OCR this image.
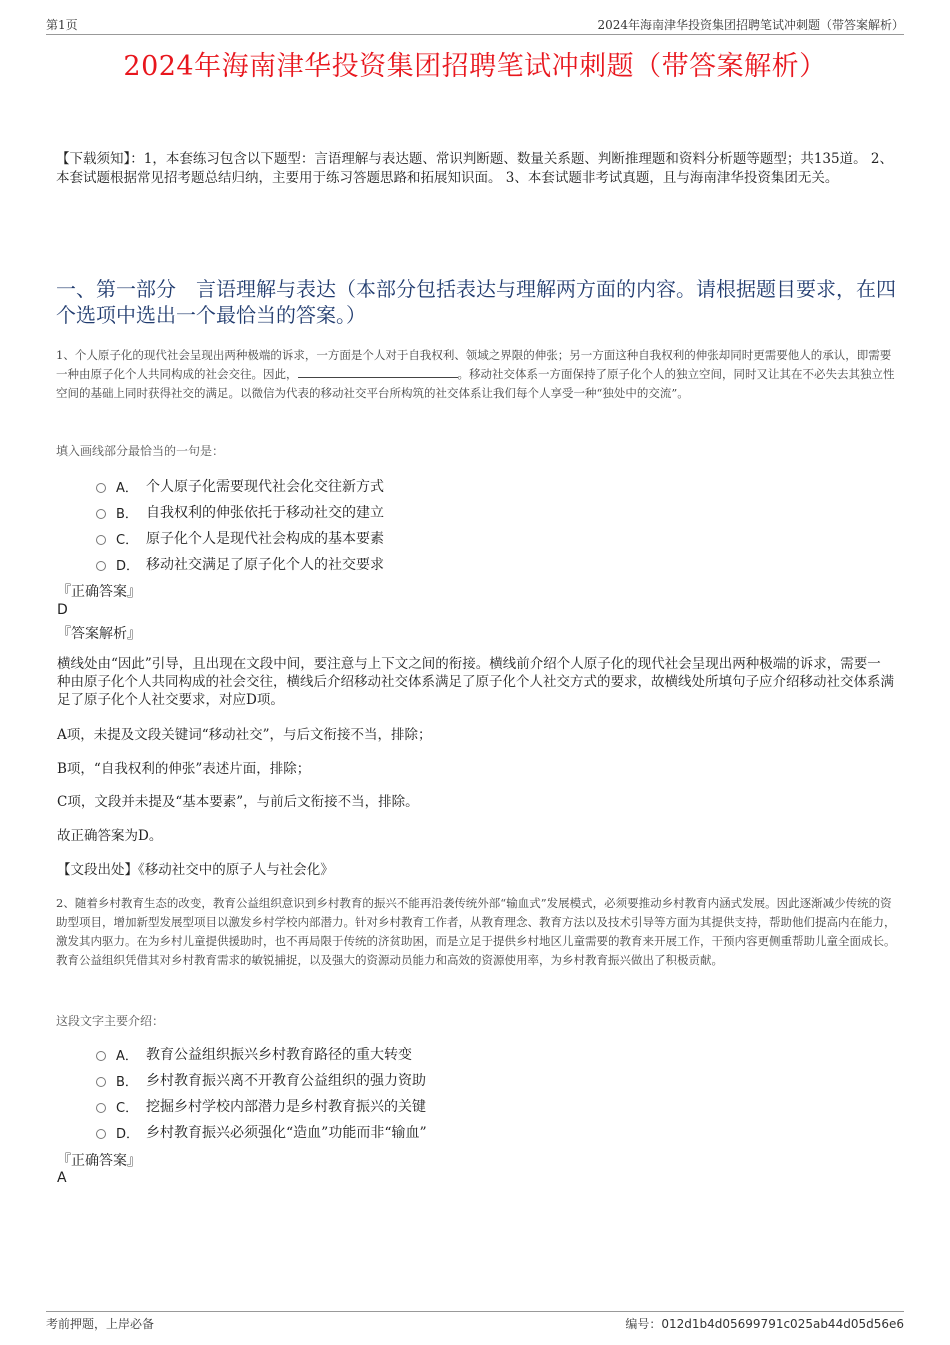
第1页	2024年海南津华投资集团招聘笔试冲刺题（带答案解析）
2024年海南津华投资集团招聘笔试冲刺题（带答案解析）
【下载须知】：1，本套练习包含以下题型：言语理解与表达题、常识判断题、数量关系题、判断推理题和资料分析题等题型；共135道。 2、本套试题根据常见招考题总结归纳，主要用于练习答题思路和拓展知识面。 3、本套试题非考试真题，且与海南津华投资集团无关。
一、第一部分　言语理解与表达（本部分包括表达与理解两方面的内容。请根据题目要求，在四个选项中选出一个最恰当的答案。）
1、个人原子化的现代社会呈现出两种极端的诉求，一方面是个人对于自我权利、领域之界限的伸张；另一方面这种自我权利的伸张却同时更需要他人的承认，即需要一种由原子化个人共同构成的社会交往。因此，	。移动社交体系一方面保持了原子化个人的独立空间，同时又让其在不必失去其独立性空间的基础上同时获得社交的满足。以微信为代表的移动社交平台所构筑的社交体系让我们每个人享受一种“独处中的交流”。
填入画线部分最恰当的一句是：
A． 个人原子化需要现代社会化交往新方式
B． 自我权利的伸张依托于移动社交的建立
C． 原子化个人是现代社会构成的基本要素
D． 移动社交满足了原子化个人的社交要求
『正确答案』
D
『答案解析』
横线处由“因此”引导，且出现在文段中间，要注意与上下文之间的衔接。横线前介绍个人原子化的现代社会呈现出两种极端的诉求，需要一种由原子化个人共同构成的社会交往，横线后介绍移动社交体系满足了原子化个人社交方式的要求，故横线处所填句子应介绍移动社交体系满足了原子化个人社交要求，对应D项。
A项，未提及文段关键词“移动社交”，与后文衔接不当，排除；
B项，“自我权利的伸张”表述片面，排除；
C项，文段并未提及“基本要素”，与前后文衔接不当，排除。
故正确答案为D。
【文段出处】《移动社交中的原子人与社会化》
2、随着乡村教育生态的改变，教育公益组织意识到乡村教育的振兴不能再沿袭传统外部“输血式”发展模式，必须要推动乡村教育内涵式发展。因此逐渐减少传统的资助型项目，增加新型发展型项目以激发乡村学校内部潜力。针对乡村教育工作者，从教育理念、教育方法以及技术引导等方面为其提供支持，帮助他们提高内在能力，激发其内驱力。在为乡村儿童提供援助时，也不再局限于传统的济贫助困，而是立足于提供乡村地区儿童需要的教育来开展工作，干预内容更侧重帮助儿童全面成长。教育公益组织凭借其对乡村教育需求的敏锐捕捉，以及强大的资源动员能力和高效的资源使用率，为乡村教育振兴做出了积极贡献。
这段文字主要介绍：
A． 教育公益组织振兴乡村教育路径的重大转变
B． 乡村教育振兴离不开教育公益组织的强力资助
C． 挖掘乡村学校内部潜力是乡村教育振兴的关键
D． 乡村教育振兴必须强化“造血”功能而非“输血”
『正确答案』
A
考前押题，上岸必备	编号：012d1b4d05699791c025ab44d05d56e6
